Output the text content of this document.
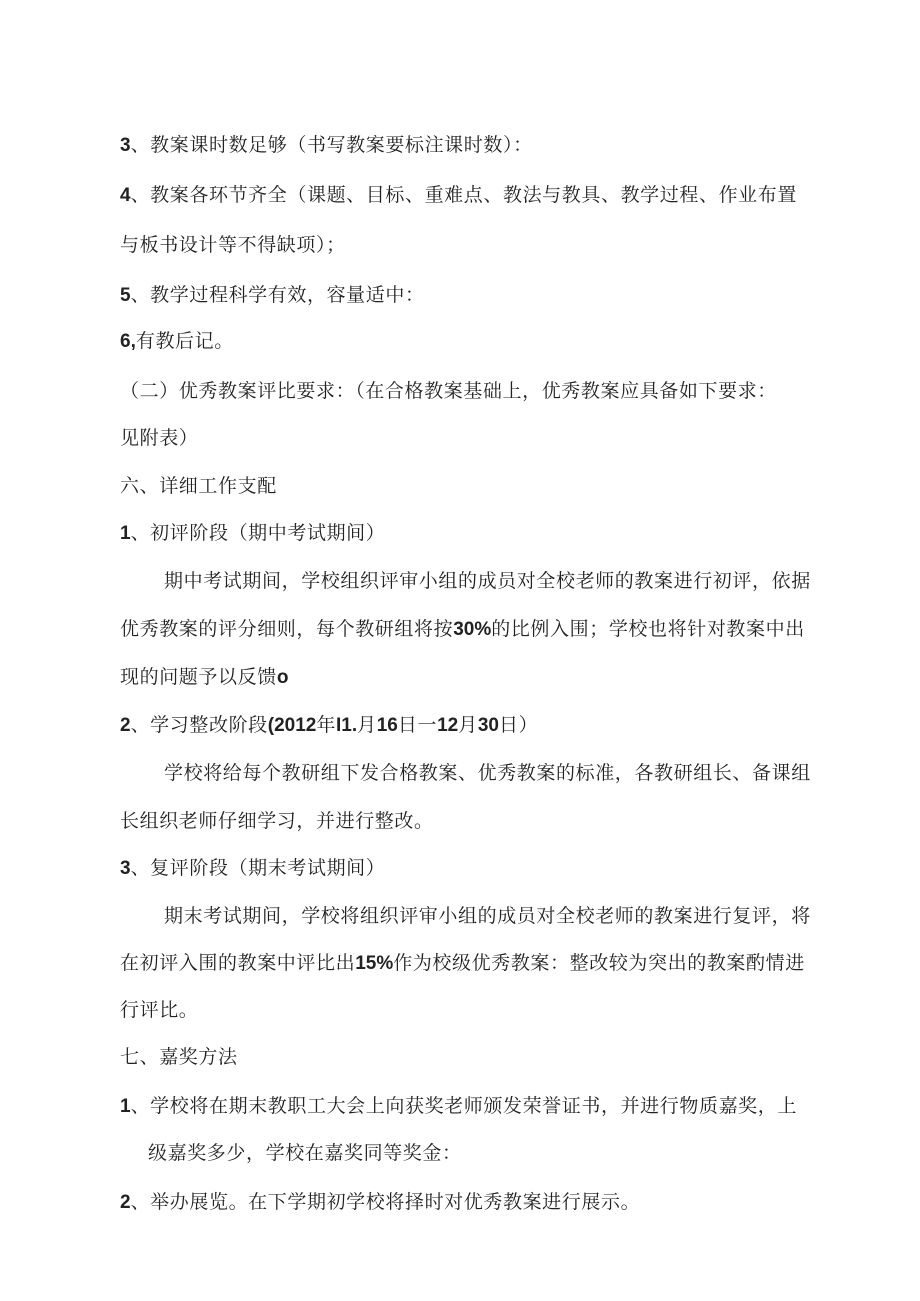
3、教案课时数足够（书写教案要标注课时数）：
4、教案各环节齐全（课题、目标、重难点、教法与教具、教学过程、作业布置
与板书设计等不得缺项）；
5、教学过程科学有效，容量适中：
6,有教后记。
（二）优秀教案评比要求：（在合格教案基础上，优秀教案应具备如下要求：
见附表）
六、详细工作支配
1、初评阶段（期中考试期间）
期中考试期间，学校组织评审小组的成员对全校老师的教案进行初评，依据
优秀教案的评分细则，每个教研组将按30%的比例入围；学校也将针对教案中出
现的问题予以反馈o
2、学习整改阶段(2012年I1.月16日一12月30日）
学校将给每个教研组下发合格教案、优秀教案的标准，各教研组长、备课组
长组织老师仔细学习，并进行整改。
3、复评阶段（期末考试期间）
期末考试期间，学校将组织评审小组的成员对全校老师的教案进行复评，将
在初评入围的教案中评比出15%作为校级优秀教案：整改较为突出的教案酌情进
行评比。
七、嘉奖方法
1、学校将在期末教职工大会上向获奖老师颁发荣誉证书，并进行物质嘉奖，上
级嘉奖多少，学校在嘉奖同等奖金：
2、举办展览。在下学期初学校将择时对优秀教案进行展示。
